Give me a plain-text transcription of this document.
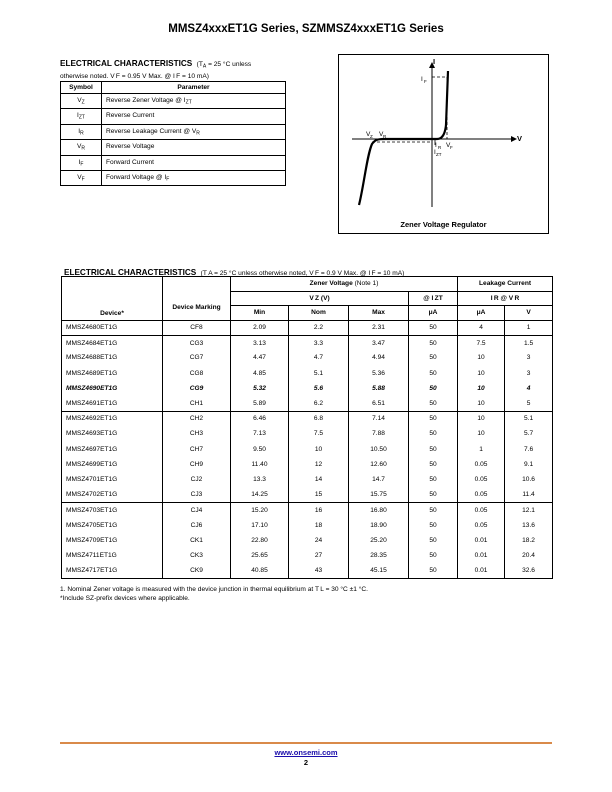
MMSZ4xxxET1G Series, SZMMSZ4xxxET1G Series
ELECTRICAL CHARACTERISTICS ($T_A = 25$ °C unless
otherwise noted. V F = 0.95 V Max. @ I F = 10 mA)
Symbol	Parameter
$V_Z$	Reverse Zener Voltage @ $I_{ZT}$
$I_{ZT}$	Reverse Current
$I_R$	Reverse Leakage Current @ $V_R$
$V_R$	Reverse Voltage
$I_F$	Forward Current
$V_F$	Forward Voltage @ $I_F$
I
V
I F
V Z V R
I R
I ZT
V F
Zener Voltage Regulator
ELECTRICAL CHARACTERISTICS (T A = 25 °C unless otherwise noted, V F = 0.9 V Max. @ I F = 10 mA)
Device*	Device Marking	Zener Voltage (Note 1)				Leakage Current	
		V Z (V)			@ I ZT	I R @ V R	
		Min	Nom	Max	μA	μA	V
MMSZ4680ET1G	CF8	2.09	2.2	2.31	50	4	1
MMSZ4684ET1G	CG3	3.13	3.3	3.47	50	7.5	1.5
MMSZ4688ET1G	CG7	4.47	4.7	4.94	50	10	3
MMSZ4689ET1G	CG8	4.85	5.1	5.36	50	10	3
MMSZ4690ET1G	CG9	5.32	5.6	5.88	50	10	4
MMSZ4691ET1G	CH1	5.89	6.2	6.51	50	10	5
MMSZ4692ET1G	CH2	6.46	6.8	7.14	50	10	5.1
MMSZ4693ET1G	CH3	7.13	7.5	7.88	50	10	5.7
MMSZ4697ET1G	CH7	9.50	10	10.50	50	1	7.6
MMSZ4699ET1G	CH9	11.40	12	12.60	50	0.05	9.1
MMSZ4701ET1G	CJ2	13.3	14	14.7	50	0.05	10.6
MMSZ4702ET1G	CJ3	14.25	15	15.75	50	0.05	11.4
MMSZ4703ET1G	CJ4	15.20	16	16.80	50	0.05	12.1
MMSZ4705ET1G	CJ6	17.10	18	18.90	50	0.05	13.6
MMSZ4709ET1G	CK1	22.80	24	25.20	50	0.01	18.2
MMSZ4711ET1G	CK3	25.65	27	28.35	50	0.01	20.4
MMSZ4717ET1G	CK9	40.85	43	45.15	50	0.01	32.6
1. Nominal Zener voltage is measured with the device junction in thermal equilibrium at T L = 30 °C ±1 °C.
*Include SZ-prefix devices where applicable.
www.onsemi.com
2
